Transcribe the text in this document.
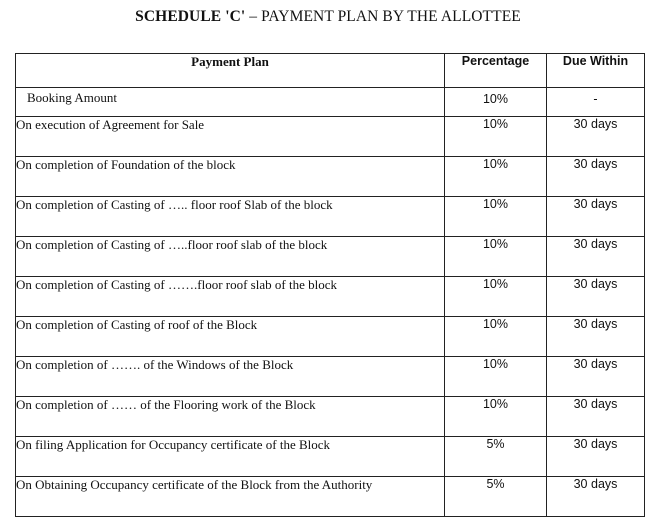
SCHEDULE 'C' – PAYMENT PLAN BY THE ALLOTTEE
Payment Plan	Percentage	Due Within
Booking Amount	10%	-
On execution of Agreement for Sale	10%	30 days
On completion of Foundation of the block	10%	30 days
On completion of Casting of ….. floor roof Slab of the block	10%	30 days
On completion of Casting of …..floor roof slab of the block	10%	30 days
On completion of Casting of …….floor roof slab of the block	10%	30 days
On completion of Casting of roof of the Block	10%	30 days
On completion of ……. of the Windows of the Block	10%	30 days
On completion of …… of the Flooring work of the Block	10%	30 days
On filing Application for Occupancy certificate of the Block	5%	30 days
On Obtaining Occupancy certificate of the Block from the Authority	5%	30 days
